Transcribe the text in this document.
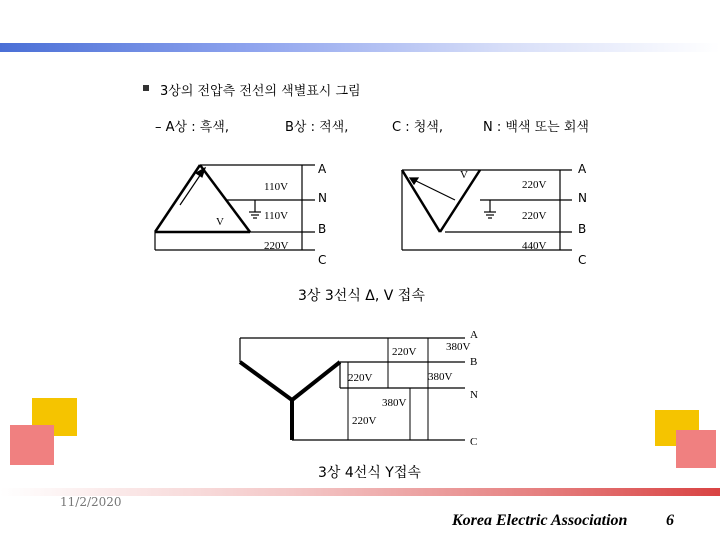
3상의 전압측 전선의 색별표시 그림
– A상 : 흑색,	B상 : 적색,	C : 청색,	N : 백색 또는 회색
3상 3선식 Δ, V 접속
3상 4선식 Y접속
V
110V
110V
220V
A
N
B
C
V
220V
220V
440V
A
N
B
C
220V
220V
220V
380V
380V
380V
A
B
N
C
11/2/2020
Korea Electric Association 6
